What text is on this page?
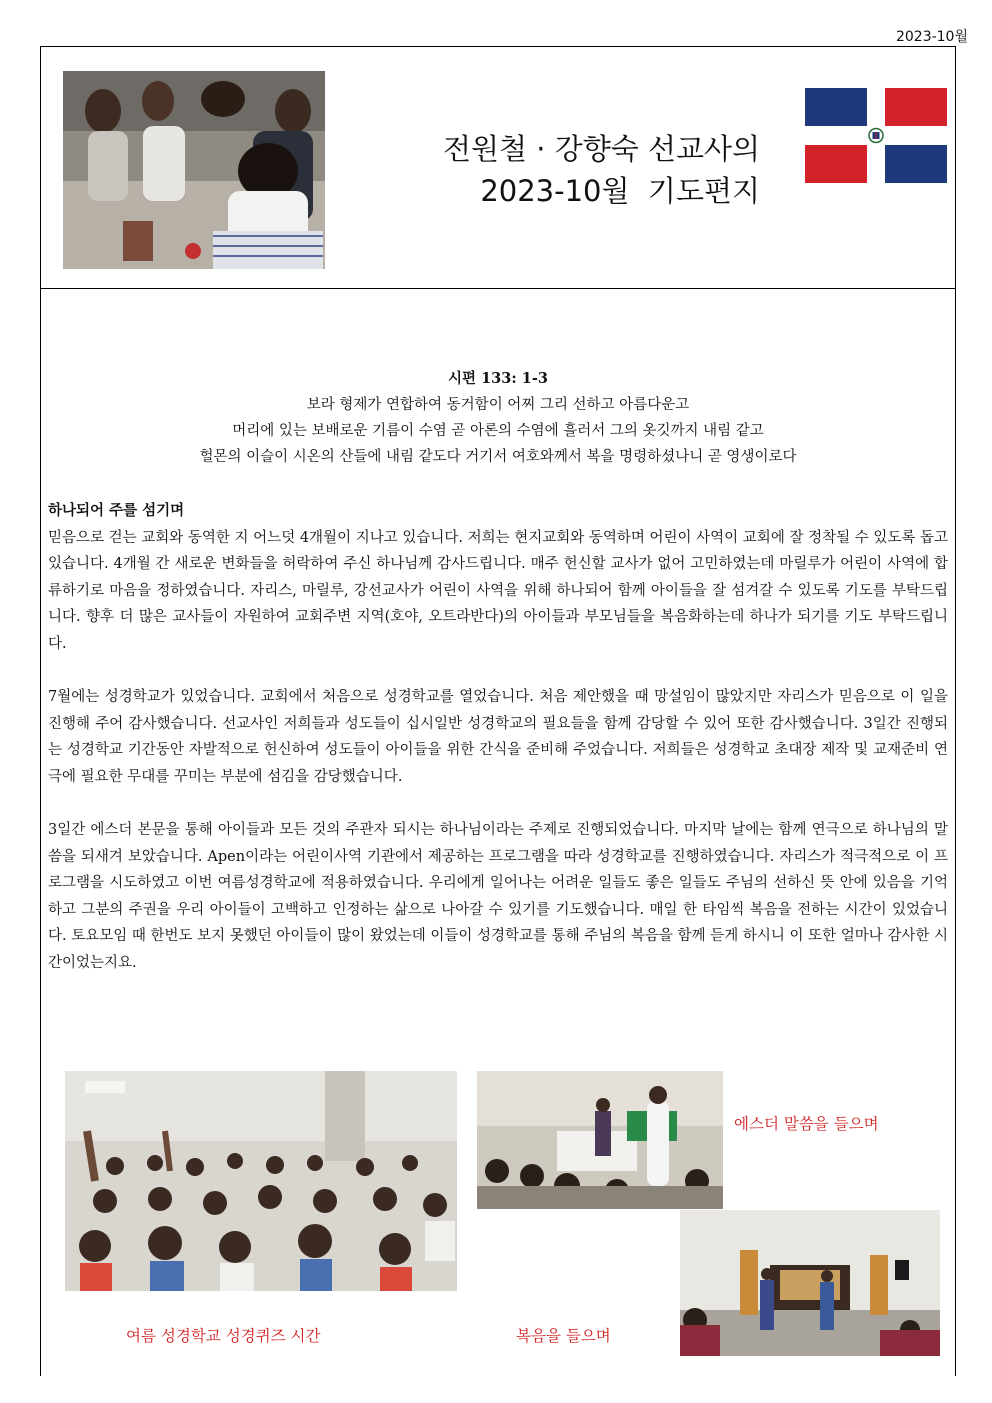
2023-10월
전원철 · 강향숙 선교사의
2023-10월  기도편지
시편 133: 1-3
보라 형제가 연합하여 동거함이 어찌 그리 선하고 아름다운고
머리에 있는 보배로운 기름이 수염 곧 아론의 수염에 흘러서 그의 옷깃까지 내림 같고
헐몬의 이슬이 시온의 산들에 내림 같도다 거기서 여호와께서 복을 명령하셨나니 곧 영생이로다
하나되어 주를 섬기며

믿음으로 걷는 교회와 동역한 지 어느덧 4개월이 지나고 있습니다. 저희는 현지교회와 동역하며 어린이 사역이 교회에 잘 정착될 수 있도록 돕고 있습니다. 4개월 간 새로운 변화들을 허락하여 주신 하나님께 감사드립니다. 매주 헌신할 교사가 없어 고민하였는데 마릴루가 어린이 사역에 합류하기로 마음을 정하였습니다. 자리스, 마릴루, 강선교사가 어린이 사역을 위해 하나되어 함께 아이들을 잘 섬겨갈 수 있도록 기도를 부탁드립니다. 향후 더 많은 교사들이 자원하여 교회주변 지역(호야, 오트라반다)의 아이들과 부모님들을 복음화하는데 하나가 되기를 기도 부탁드립니다.

7월에는 성경학교가 있었습니다. 교회에서 처음으로 성경학교를 열었습니다. 처음 제안했을 때 망설임이 많았지만 자리스가 믿음으로 이 일을 진행해 주어 감사했습니다. 선교사인 저희들과 성도들이 십시일반 성경학교의 필요들을 함께 감당할 수 있어 또한 감사했습니다. 3일간 진행되는 성경학교 기간동안 자발적으로 헌신하여 성도들이 아이들을 위한 간식을 준비해 주었습니다. 저희들은 성경학교 초대장 제작 및 교재준비 연극에 필요한 무대를 꾸미는 부분에 섬김을 감당했습니다.

3일간 에스더 본문을 통해 아이들과 모든 것의 주관자 되시는 하나님이라는 주제로 진행되었습니다. 마지막 날에는 함께 연극으로 하나님의 말씀을 되새겨 보았습니다. Apen이라는 어린이사역 기관에서 제공하는 프로그램을 따라 성경학교를 진행하였습니다. 자리스가 적극적으로 이 프로그램을 시도하였고 이번 여름성경학교에 적용하였습니다. 우리에게 일어나는 어려운 일들도 좋은 일들도 주님의 선하신 뜻 안에 있음을 기억하고 그분의 주권을 우리 아이들이 고백하고 인정하는 삶으로 나아갈 수 있기를 기도했습니다. 매일 한 타임씩 복음을 전하는 시간이 있었습니다. 토요모임 때 한번도 보지 못했던 아이들이 많이 왔었는데 이들이 성경학교를 통해 주님의 복음을 함께 듣게 하시니 이 또한 얼마나 감사한 시간이었는지요.

에스더 말씀을 들으며
여름 성경학교 성경퀴즈 시간	복음을 들으며
